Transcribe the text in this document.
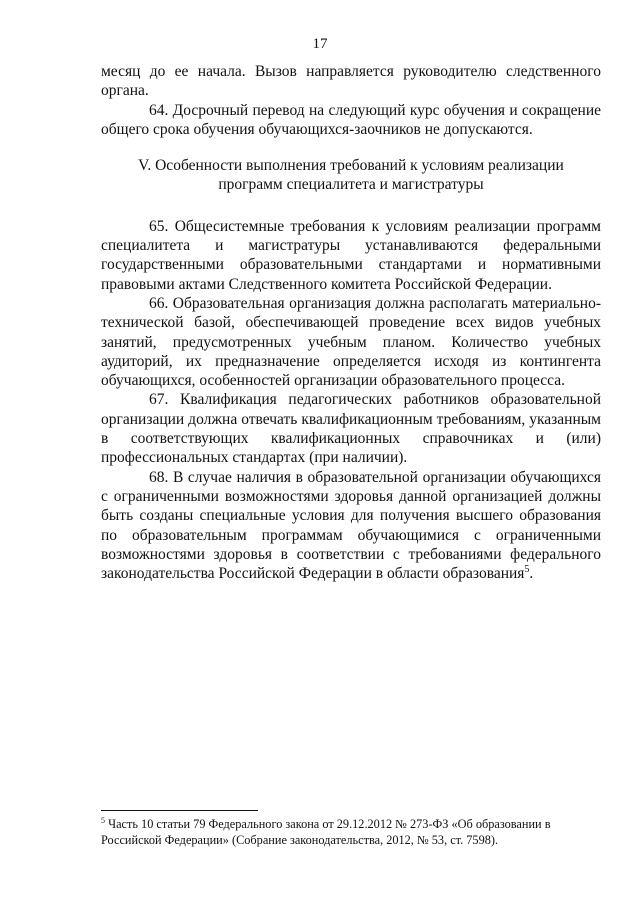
17

месяц до ее начала. Вызов направляется руководителю следственного органа.

64. Досрочный перевод на следующий курс обучения и сокращение общего срока обучения обучающихся-заочников не допускаются.

V. Особенности выполнения требований к условиям реализации
программ специалитета и магистратуры

65. Общесистемные требования к условиям реализации программ специалитета и магистратуры устанавливаются федеральными государственными образовательными стандартами и нормативными правовыми актами Следственного комитета Российской Федерации.

66. Образовательная организация должна располагать материально-технической базой, обеспечивающей проведение всех видов учебных занятий, предусмотренных учебным планом. Количество учебных аудиторий, их предназначение определяется исходя из контингента обучающихся, особенностей организации образовательного процесса.

67. Квалификация педагогических работников образовательной организации должна отвечать квалификационным требованиям, указанным в соответствующих квалификационных справочниках и (или) профессиональных стандартах (при наличии).

68. В случае наличия в образовательной организации обучающихся с ограниченными возможностями здоровья данной организацией должны быть созданы специальные условия для получения высшего образования по образовательным программам обучающимися с ограниченными возможностями здоровья в соответствии с требованиями федерального законодательства Российской Федерации в области образования$^5$.

$^5$ Часть 10 статьи 79 Федерального закона от 29.12.2012 № 273-ФЗ «Об образовании в Российской Федерации» (Собрание законодательства, 2012, № 53, ст. 7598).
